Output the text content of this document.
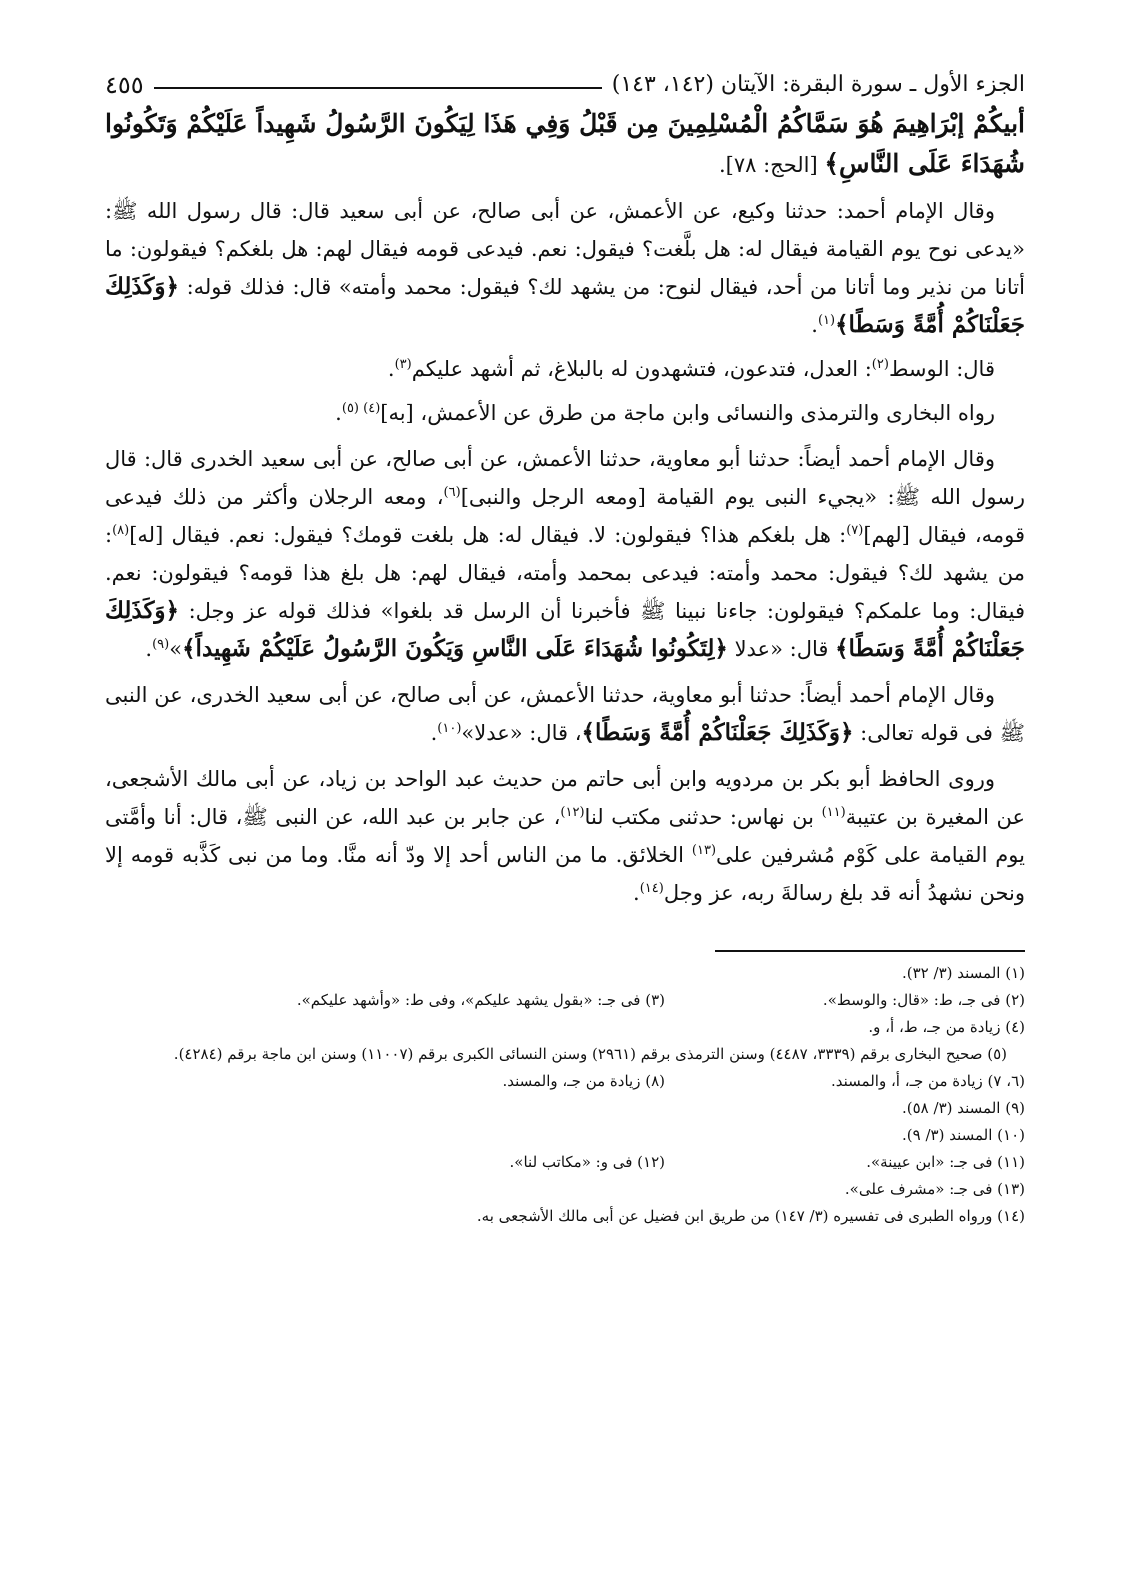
الجزء الأول ـ سورة البقرة: الآيتان (١٤٢، ١٤٣)
٤٥٥

أبيكُمْ إبْرَاهِيمَ هُوَ سَمَّاكُمُ الْمُسْلِمِينَ مِن قَبْلُ وَفِي هَذَا لِيَكُونَ الرَّسُولُ شَهِيداً عَلَيْكُمْ وَتَكُونُوا شُهَدَاءَ عَلَى النَّاسِ﴾ [الحج: ٧٨].

وقال الإمام أحمد: حدثنا وكيع، عن الأعمش، عن أبى صالح، عن أبى سعيد قال: قال رسول الله ﷺ: «يدعى نوح يوم القيامة فيقال له: هل بلَّغت؟ فيقول: نعم. فيدعى قومه فيقال لهم: هل بلغكم؟ فيقولون: ما أتانا من نذير وما أتانا من أحد، فيقال لنوح: من يشهد لك؟ فيقول: محمد وأمته» قال: فذلك قوله: ﴿وَكَذَلِكَ جَعَلْنَاكُمْ أُمَّةً وَسَطًا﴾$^{(١)}$.

قال: الوسط$^{(٢)}$: العدل، فتدعون، فتشهدون له بالبلاغ، ثم أشهد عليكم$^{(٣)}$.

رواه البخارى والترمذى والنسائى وابن ماجة من طرق عن الأعمش، [به]$^{(٤) (٥)}$.

وقال الإمام أحمد أيضاً: حدثنا أبو معاوية، حدثنا الأعمش، عن أبى صالح، عن أبى سعيد الخدرى قال: قال رسول الله ﷺ: «يجيء النبى يوم القيامة [ومعه الرجل والنبى]$^{(٦)}$، ومعه الرجلان وأكثر من ذلك فيدعى قومه، فيقال [لهم]$^{(٧)}$: هل بلغكم هذا؟ فيقولون: لا. فيقال له: هل بلغت قومك؟ فيقول: نعم. فيقال [له]$^{(٨)}$: من يشهد لك؟ فيقول: محمد وأمته: فيدعى بمحمد وأمته، فيقال لهم: هل بلغ هذا قومه؟ فيقولون: نعم. فيقال: وما علمكم؟ فيقولون: جاءنا نبينا ﷺ فأخبرنا أن الرسل قد بلغوا» فذلك قوله عز وجل: ﴿وَكَذَلِكَ جَعَلْنَاكُمْ أُمَّةً وَسَطًا﴾ قال: «عدلا ﴿لِتَكُونُوا شُهَدَاءَ عَلَى النَّاسِ وَيَكُونَ الرَّسُولُ عَلَيْكُمْ شَهِيداً﴾»$^{(٩)}$.

وقال الإمام أحمد أيضاً: حدثنا أبو معاوية، حدثنا الأعمش، عن أبى صالح، عن أبى سعيد الخدرى، عن النبى ﷺ فى قوله تعالى: ﴿وَكَذَلِكَ جَعَلْنَاكُمْ أُمَّةً وَسَطًا﴾، قال: «عدلا»$^{(١٠)}$.

وروى الحافظ أبو بكر بن مردويه وابن أبى حاتم من حديث عبد الواحد بن زياد، عن أبى مالك الأشجعى، عن المغيرة بن عتيبة$^{(١١)}$ بن نهاس: حدثنى مكتب لنا$^{(١٢)}$، عن جابر بن عبد الله، عن النبى ﷺ، قال: أنا وأمَّتى يوم القيامة على كَوْم مُشرفين على$^{(١٣)}$ الخلائق. ما من الناس أحد إلا ودّ أنه منَّا. وما من نبى كَذَّبه قومه إلا ونحن نشهدُ أنه قد بلغ رسالةَ ربه، عز وجل$^{(١٤)}$.

(١) المسند (٣/ ٣٢).
(٢) فى جـ، ط: «قال: والوسط».
(٣) فى جـ: «بقول يشهد عليكم»، وفى ط: «وأشهد عليكم».
(٤) زيادة من جـ، ط، أ، و.
(٥) صحيح البخارى برقم (٣٣٣٩، ٤٤٨٧) وسنن الترمذى برقم (٢٩٦١) وسنن النسائى الكبرى برقم (١١٠٠٧) وسنن ابن ماجة برقم (٤٢٨٤).
(٦، ٧) زيادة من جـ، أ، والمسند.
(٨) زيادة من جـ، والمسند.
(٩) المسند (٣/ ٥٨).
(١٠) المسند (٣/ ٩).
(١١) فى جـ: «ابن عيينة».
(١٢) فى و: «مكاتب لنا».
(١٣) فى جـ: «مشرف على».
(١٤) ورواه الطبرى فى تفسيره (٣/ ١٤٧) من طريق ابن فضيل عن أبى مالك الأشجعى به.
